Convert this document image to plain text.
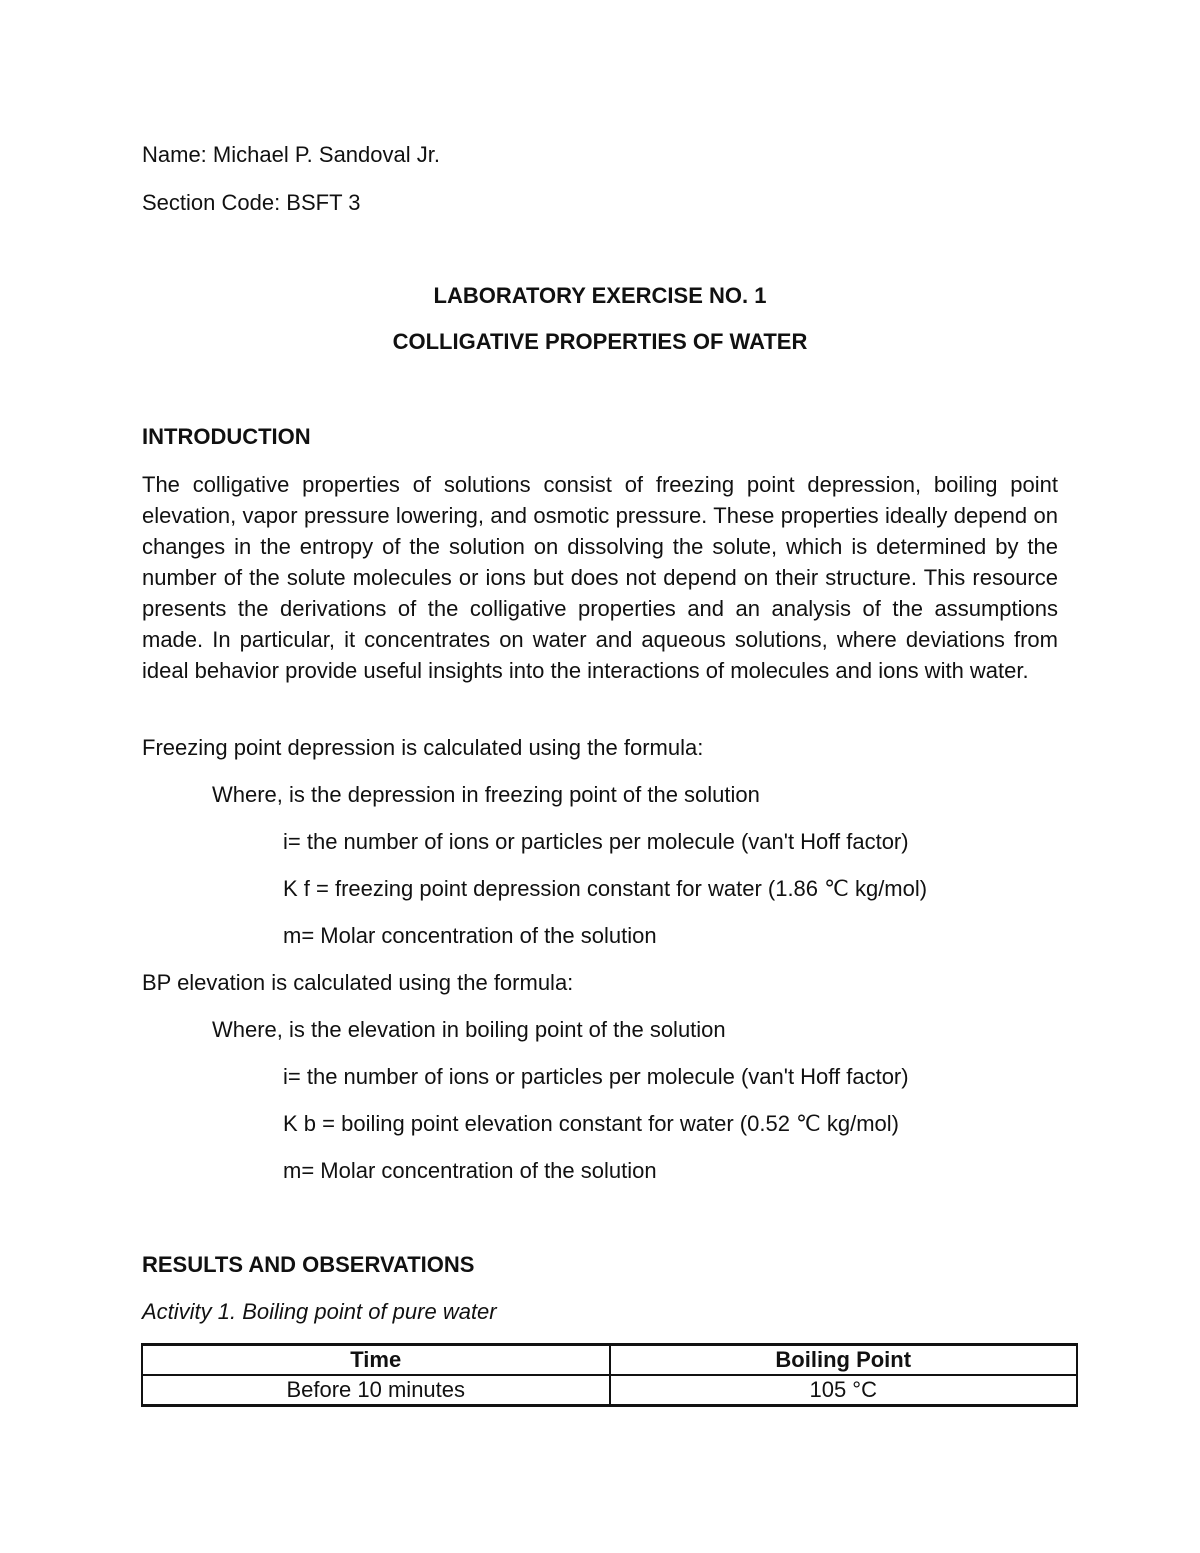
Name: Michael P. Sandoval Jr.
Section Code: BSFT 3
LABORATORY EXERCISE NO. 1
COLLIGATIVE PROPERTIES OF WATER
INTRODUCTION
The colligative properties of solutions consist of freezing point depression, boiling point elevation, vapor pressure lowering, and osmotic pressure. These properties ideally depend on changes in the entropy of the solution on dissolving the solute, which is determined by the number of the solute molecules or ions but does not depend on their structure. This resource presents the derivations of the colligative properties and an analysis of the assumptions made. In particular, it concentrates on water and aqueous solutions, where deviations from ideal behavior provide useful insights into the interactions of molecules and ions with water.
Freezing point depression is calculated using the formula:
Where, is the depression in freezing point of the solution
i= the number of ions or particles per molecule (van't Hoff factor)
K f = freezing point depression constant for water (1.86 ℃ kg/mol)
m= Molar concentration of the solution
BP elevation is calculated using the formula:
Where, is the elevation in boiling point of the solution
i= the number of ions or particles per molecule (van't Hoff factor)
K b = boiling point elevation constant for water (0.52 ℃ kg/mol)
m= Molar concentration of the solution
RESULTS AND OBSERVATIONS
Activity 1. Boiling point of pure water
Time	Boiling Point
Before 10 minutes	105 °C
